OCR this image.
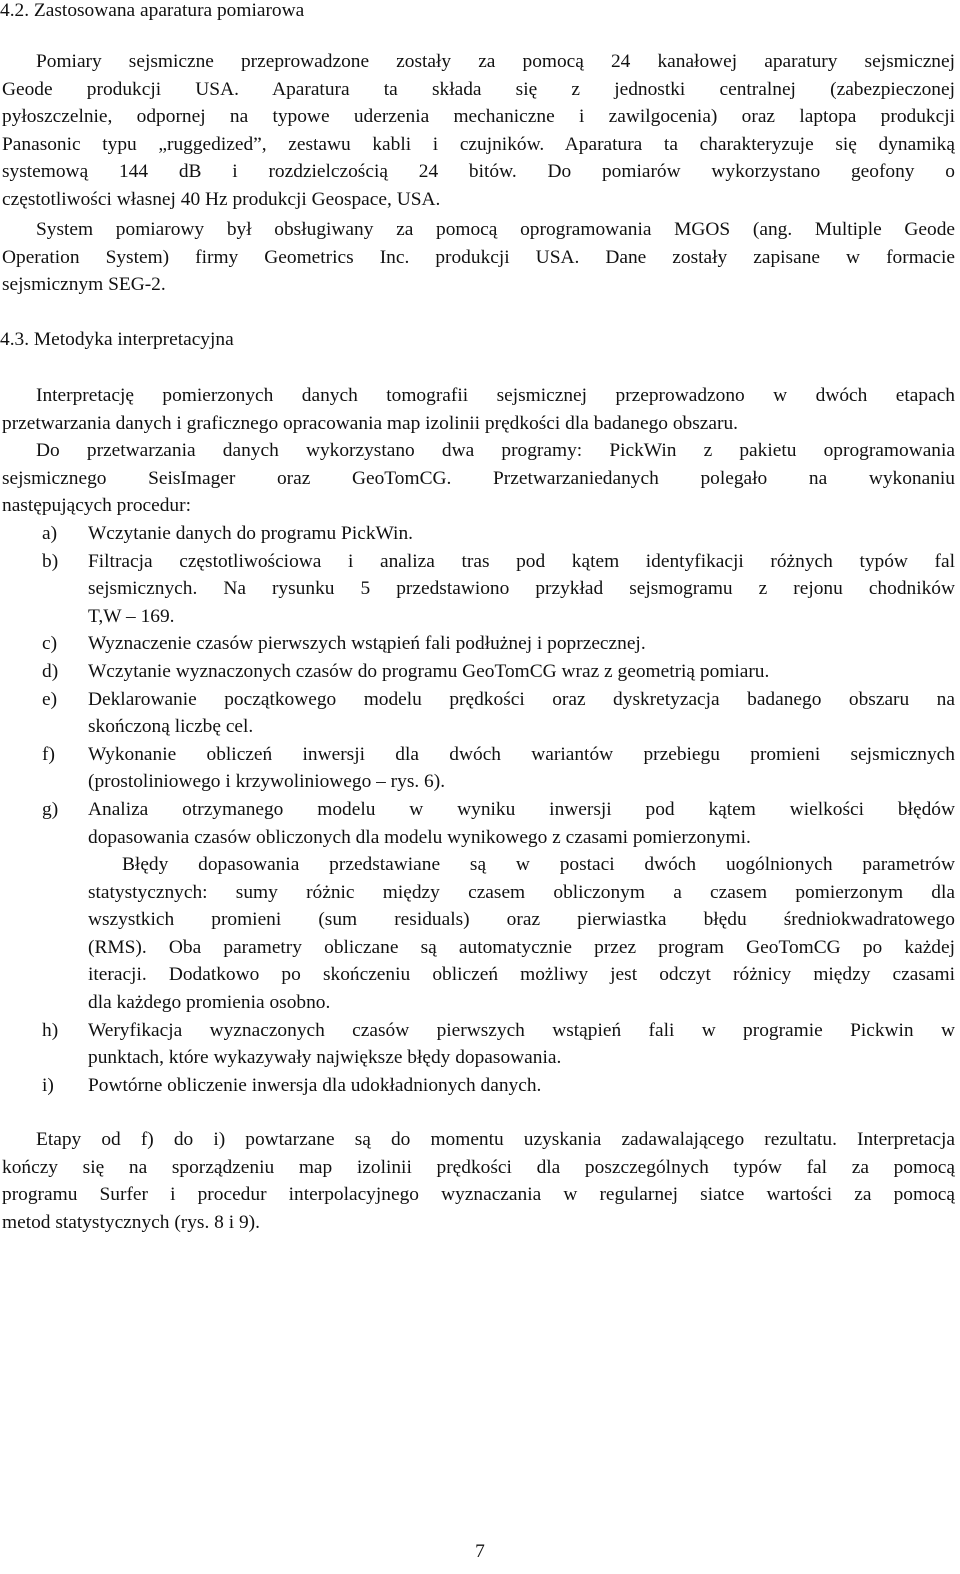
4.2. Zastosowana aparatura pomiarowa
Pomiary sejsmiczne przeprowadzone zostały za pomocą 24 kanałowej aparatury sejsmicznej
Geode produkcji USA. Aparatura ta składa się z jednostki centralnej (zabezpieczonej
pyłoszczelnie, odpornej na typowe uderzenia mechaniczne i zawilgocenia) oraz laptopa produkcji
Panasonic typu „ruggedized”, zestawu kabli i czujników. Aparatura ta charakteryzuje się dynamiką
systemową 144 dB i rozdzielczością 24 bitów. Do pomiarów wykorzystano geofony o
częstotliwości własnej 40 Hz produkcji Geospace, USA.
System pomiarowy był obsługiwany za pomocą oprogramowania MGOS (ang. Multiple Geode
Operation System) firmy Geometrics Inc. produkcji USA. Dane zostały zapisane w formacie
sejsmicznym SEG-2.
4.3. Metodyka interpretacyjna
Interpretację pomierzonych danych tomografii sejsmicznej przeprowadzono w dwóch etapach
przetwarzania danych i graficznego opracowania map izolinii prędkości dla badanego obszaru.
Do przetwarzania danych wykorzystano dwa programy: PickWin z pakietu oprogramowania
sejsmicznego SeisImager oraz GeoTomCG. Przetwarzaniedanych polegało na wykonaniu
następujących procedur:
a) Wczytanie danych do programu PickWin.
b) Filtracja częstotliwościowa i analiza tras pod kątem identyfikacji różnych typów fal
sejsmicznych. Na rysunku 5 przedstawiono przykład sejsmogramu z rejonu chodników
T,W – 169.
c) Wyznaczenie czasów pierwszych wstąpień fali podłużnej i poprzecznej.
d) Wczytanie wyznaczonych czasów do programu GeoTomCG wraz z geometrią pomiaru.
e) Deklarowanie początkowego modelu prędkości oraz dyskretyzacja badanego obszaru na
skończoną liczbę cel.
f) Wykonanie obliczeń inwersji dla dwóch wariantów przebiegu promieni sejsmicznych
(prostoliniowego i krzywoliniowego – rys. 6).
g) Analiza otrzymanego modelu w wyniku inwersji pod kątem wielkości błędów
dopasowania czasów obliczonych dla modelu wynikowego z czasami pomierzonymi.
Błędy dopasowania przedstawiane są w postaci dwóch uogólnionych parametrów
statystycznych: sumy różnic między czasem obliczonym a czasem pomierzonym dla
wszystkich promieni (sum residuals) oraz pierwiastka błędu średniokwadratowego
(RMS). Oba parametry obliczane są automatycznie przez program GeoTomCG po każdej
iteracji. Dodatkowo po skończeniu obliczeń możliwy jest odczyt różnicy między czasami
dla każdego promienia osobno.
h) Weryfikacja wyznaczonych czasów pierwszych wstąpień fali w programie Pickwin w
punktach, które wykazywały największe błędy dopasowania.
i) Powtórne obliczenie inwersja dla udokładnionych danych.
Etapy od f) do i) powtarzane są do momentu uzyskania zadawalającego rezultatu. Interpretacja
kończy się na sporządzeniu map izolinii prędkości dla poszczególnych typów fal za pomocą
programu Surfer i procedur interpolacyjnego wyznaczania w regularnej siatce wartości za pomocą
metod statystycznych (rys. 8 i 9).
7
